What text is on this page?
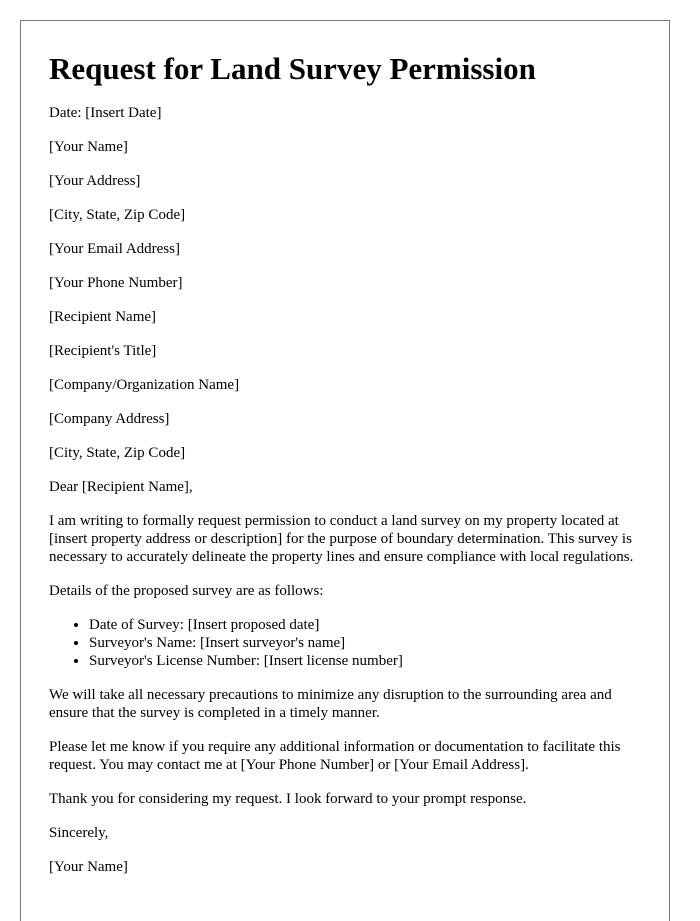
Request for Land Survey Permission

Date: [Insert Date]

[Your Name]

[Your Address]

[City, State, Zip Code]

[Your Email Address]

[Your Phone Number]

[Recipient Name]

[Recipient's Title]

[Company/Organization Name]

[Company Address]

[City, State, Zip Code]

Dear [Recipient Name],

I am writing to formally request permission to conduct a land survey on my property located at [insert property address or description] for the purpose of boundary determination. This survey is necessary to accurately delineate the property lines and ensure compliance with local regulations.

Details of the proposed survey are as follows:

• Date of Survey: [Insert proposed date]
• Surveyor's Name: [Insert surveyor's name]
• Surveyor's License Number: [Insert license number]

We will take all necessary precautions to minimize any disruption to the surrounding area and ensure that the survey is completed in a timely manner.

Please let me know if you require any additional information or documentation to facilitate this request. You may contact me at [Your Phone Number] or [Your Email Address].

Thank you for considering my request. I look forward to your prompt response.

Sincerely,

[Your Name]
